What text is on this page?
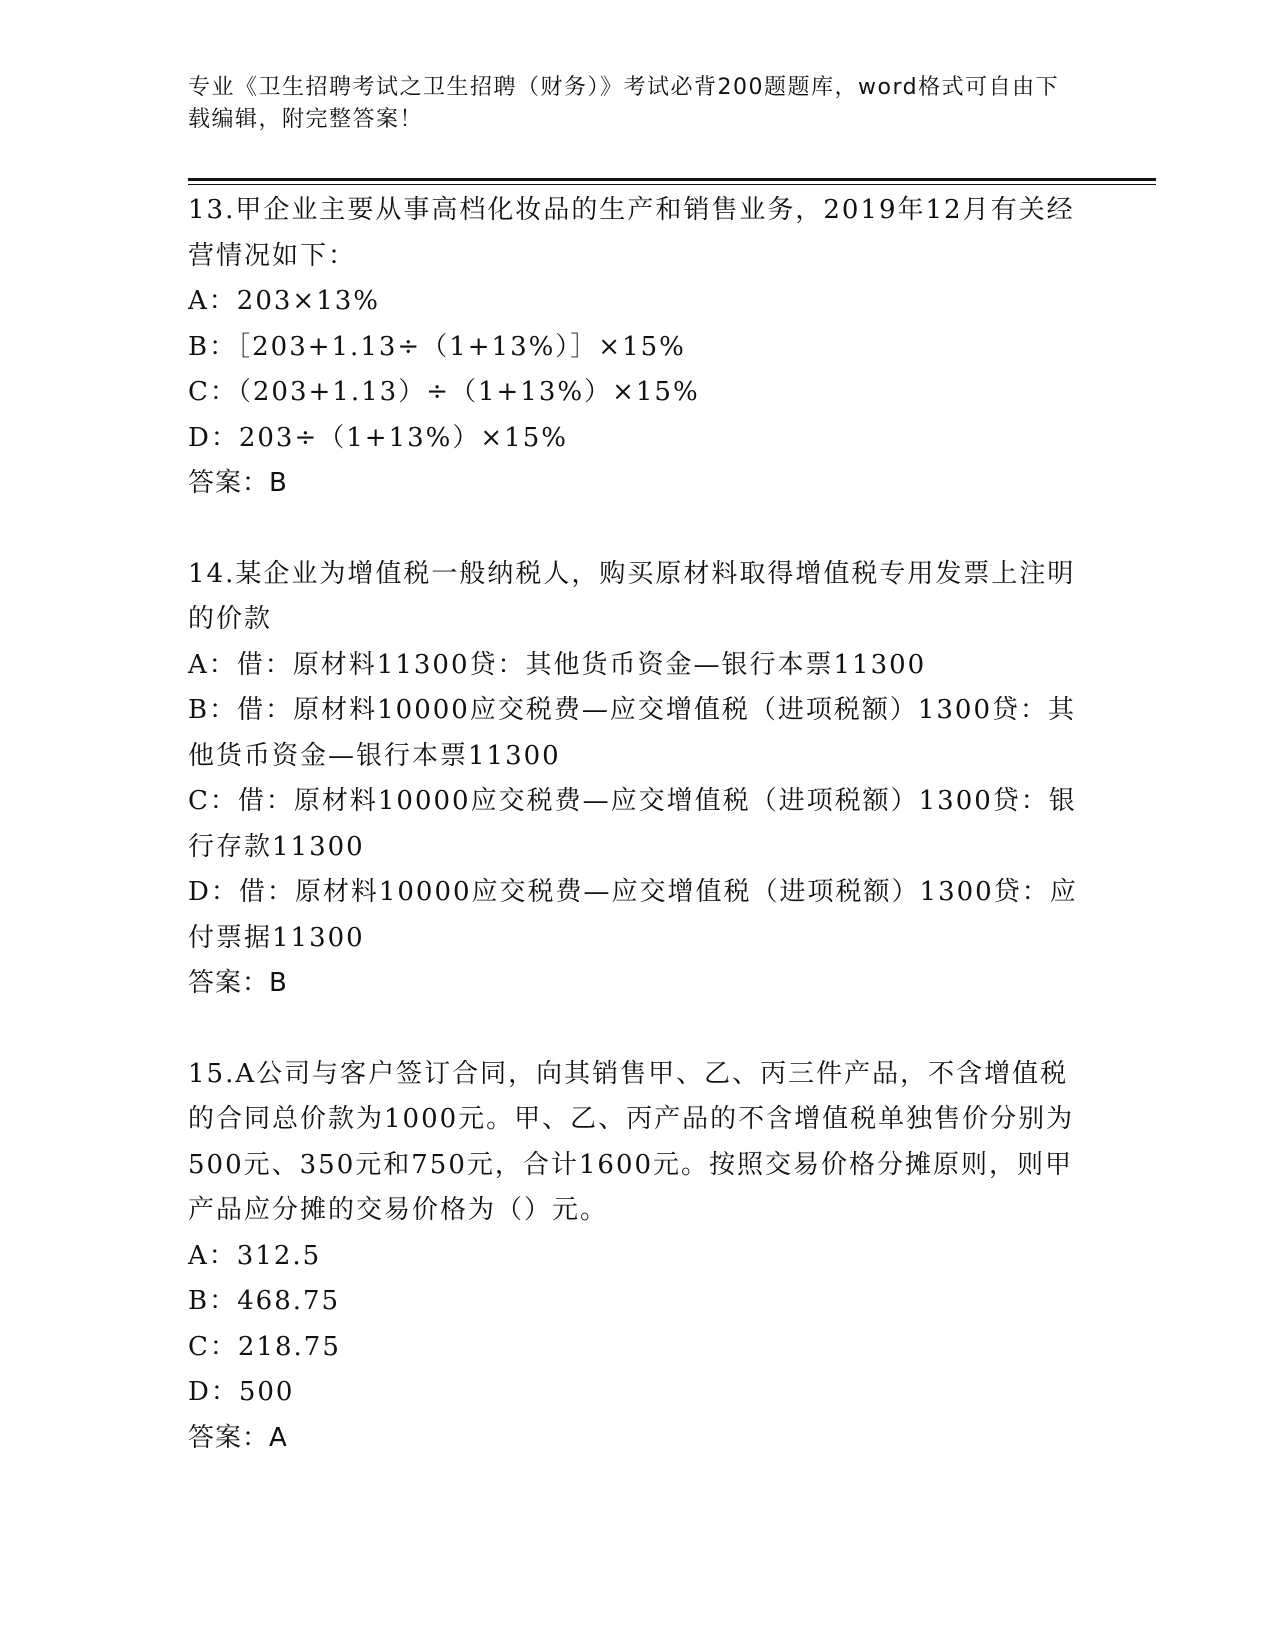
专业《卫生招聘考试之卫生招聘（财务）》考试必背200题题库，word格式可自由下载编辑，附完整答案！

13.甲企业主要从事高档化妆品的生产和销售业务，2019年12月有关经营情况如下：

A：203×13%

B：［203+1.13÷（1+13%）］×15%

C：（203+1.13）÷（1+13%）×15%

D：203÷（1+13%）×15%

答案：B

14.某企业为增值税一般纳税人，购买原材料取得增值税专用发票上注明的价款

A：借：原材料11300贷：其他货币资金—银行本票11300

B：借：原材料10000应交税费—应交增值税（进项税额）1300贷：其他货币资金—银行本票11300

C：借：原材料10000应交税费—应交增值税（进项税额）1300贷：银行存款11300

D：借：原材料10000应交税费—应交增值税（进项税额）1300贷：应付票据11300

答案：B

15.A公司与客户签订合同，向其销售甲、乙、丙三件产品，不含增值税的合同总价款为1000元。甲、乙、丙产品的不含增值税单独售价分别为500元、350元和750元，合计1600元。按照交易价格分摊原则，则甲产品应分摊的交易价格为（）元。

A：312.5

B：468.75

C：218.75

D：500

答案：A
